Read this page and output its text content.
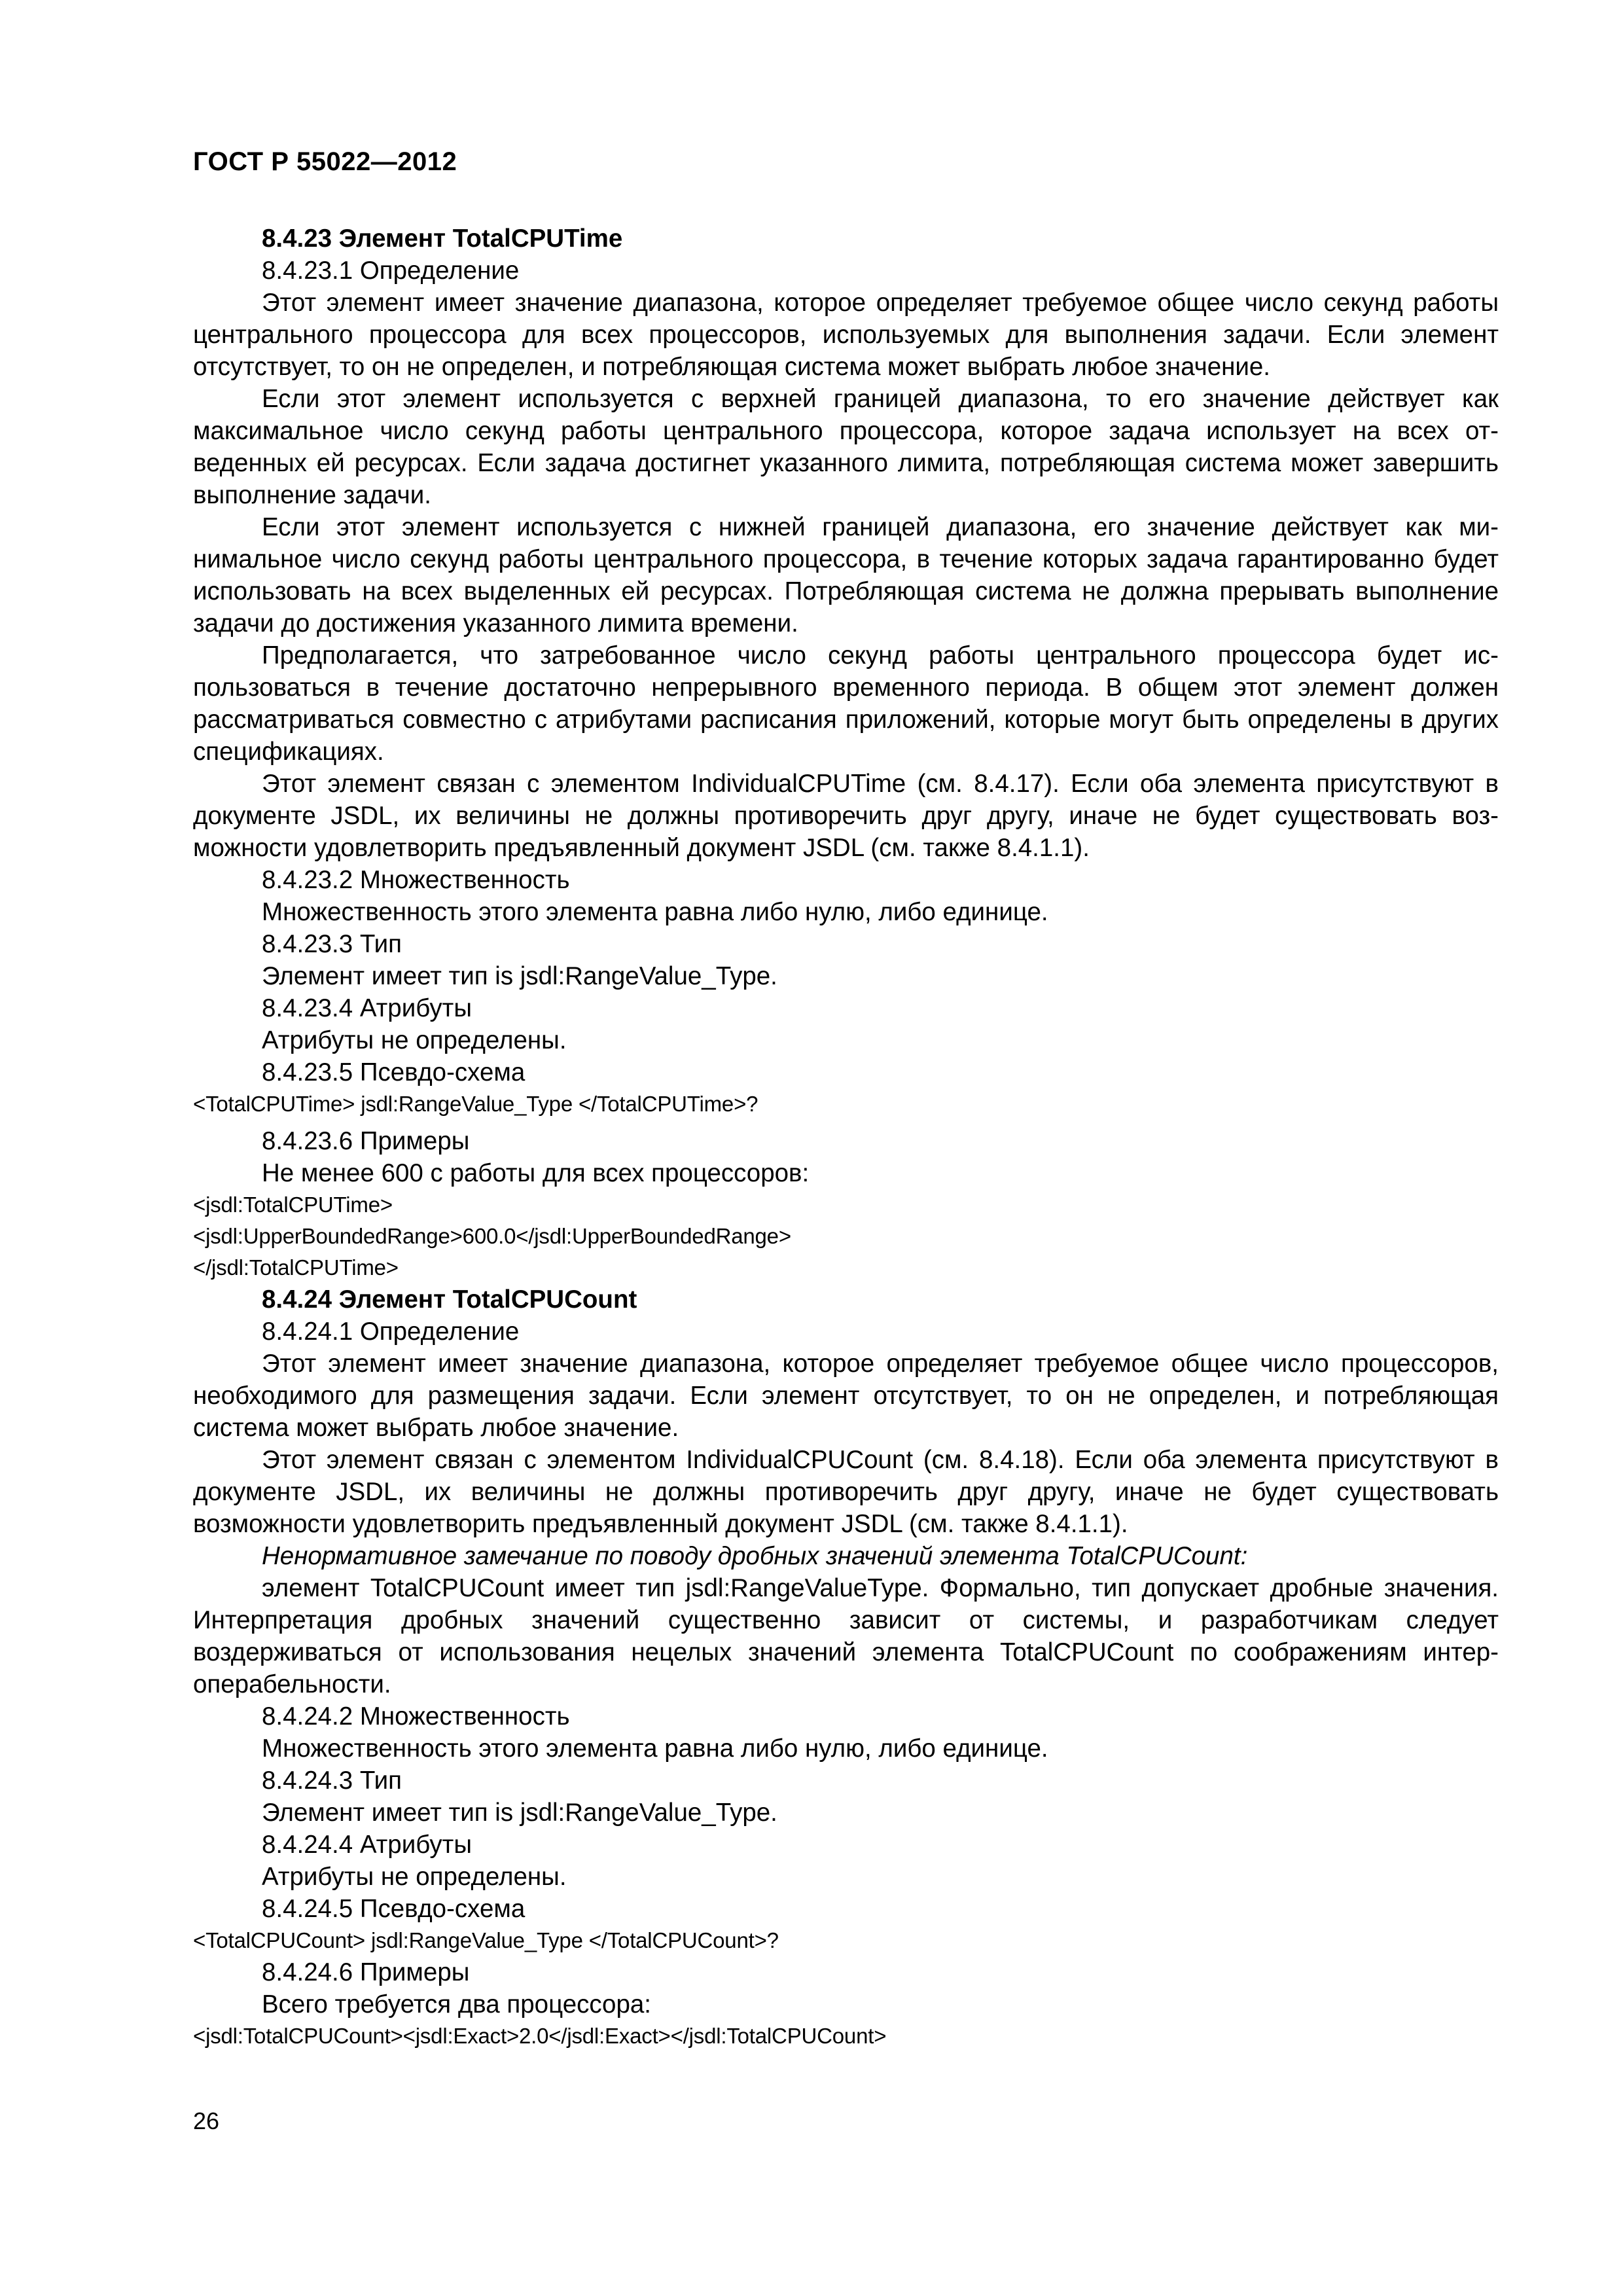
ГОСТ Р 55022—2012

8.4.23 Элемент TotalCPUTime

8.4.23.1 Определение

Этот элемент имеет значение диапазона, которое определяет требуемое общее число секунд работы центрального процессора для всех процессоров, используемых для выполнения задачи. Если элемент отсутствует, то он не определен, и потребляющая система может выбрать любое значение.

Если этот элемент используется с верхней границей диапазона, то его значение действует как максимальное число секунд работы центрального процессора, которое задача использует на всех отведенных ей ресурсах. Если задача достигнет указанного лимита, потребляющая система может завершить выполнение задачи.

Если этот элемент используется с нижней границей диапазона, его значение действует как минимальное число секунд работы центрального процессора, в течение которых задача гарантированно будет использовать на всех выделенных ей ресурсах. Потребляющая система не должна прерывать выполнение задачи до достижения указанного лимита времени.

Предполагается, что затребованное число секунд работы центрального процессора будет использоваться в течение достаточно непрерывного временного периода. В общем этот элемент должен рассматриваться совместно с атрибутами расписания приложений, которые могут быть определены в других спецификациях.

Этот элемент связан с элементом IndividualCPUTime (см. 8.4.17). Если оба элемента присутствуют в документе JSDL, их величины не должны противоречить друг другу, иначе не будет существовать возможности удовлетворить предъявленный документ JSDL (см. также 8.4.1.1).

8.4.23.2 Множественность

Множественность этого элемента равна либо нулю, либо единице.

8.4.23.3 Тип

Элемент имеет тип is jsdl:RangeValue_Type.

8.4.23.4 Атрибуты

Атрибуты не определены.

8.4.23.5 Псевдо-схема

<TotalCPUTime> jsdl:RangeValue_Type </TotalCPUTime>?

8.4.23.6 Примеры

Не менее 600 с работы для всех процессоров:

<jsdl:TotalCPUTime>

<jsdl:UpperBoundedRange>600.0</jsdl:UpperBoundedRange>

</jsdl:TotalCPUTime>

8.4.24 Элемент TotalCPUCount

8.4.24.1 Определение

Этот элемент имеет значение диапазона, которое определяет требуемое общее число процессоров, необходимого для размещения задачи. Если элемент отсутствует, то он не определен, и потребляющая система может выбрать любое значение.

Этот элемент связан с элементом IndividualCPUCount (см. 8.4.18). Если оба элемента присутствуют в документе JSDL, их величины не должны противоречить друг другу, иначе не будет существовать возможности удовлетворить предъявленный документ JSDL (см. также 8.4.1.1).

Ненормативное замечание по поводу дробных значений элемента TotalCPUCount:

элемент TotalCPUCount имеет тип jsdl:RangeValueType. Формально, тип допускает дробные значения. Интерпретация дробных значений существенно зависит от системы, и разработчикам следует воздерживаться от использования нецелых значений элемента TotalCPUCount по соображениям интероперабельности.

8.4.24.2 Множественность

Множественность этого элемента равна либо нулю, либо единице.

8.4.24.3 Тип

Элемент имеет тип is jsdl:RangeValue_Type.

8.4.24.4 Атрибуты

Атрибуты не определены.

8.4.24.5 Псевдо-схема

<TotalCPUCount> jsdl:RangeValue_Type </TotalCPUCount>?

8.4.24.6 Примеры

Всего требуется два процессора:

<jsdl:TotalCPUCount><jsdl:Exact>2.0</jsdl:Exact></jsdl:TotalCPUCount>

26
